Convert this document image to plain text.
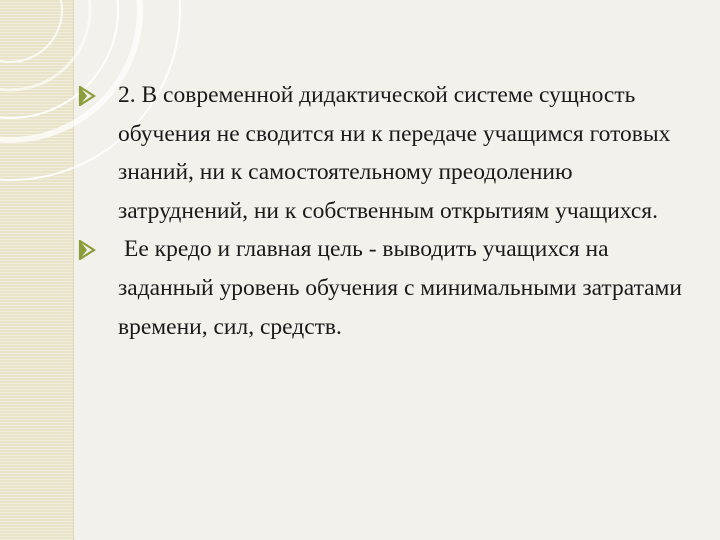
2. В современной дидактической системе сущность обучения не сводится ни к передаче учащимся готовых знаний, ни к самостоятельному преодолению затруднений, ни к собственным открытиям учащихся.
Ее кредо и главная цель - выводить учащихся на заданный уровень обучения с минимальными затратами времени, сил, средств.
